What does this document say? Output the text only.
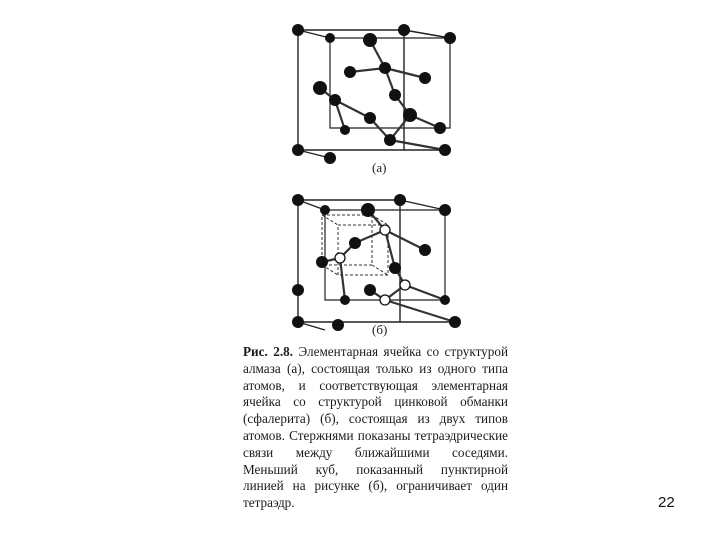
(а)
(б)
Рис. 2.8. Элементарная ячейка со структурой алмаза (а), состоящая только из одного типа атомов, и соответствующая элементарная ячейка со структурой цинковой обманки (сфалерита) (б), состоящая из двух типов атомов. Стержнями показаны тетраэдрические связи между ближайшими соседями. Меньший куб, показанный пунктирной линией на рисунке (б), ограничивает один тетраэдр.	22
